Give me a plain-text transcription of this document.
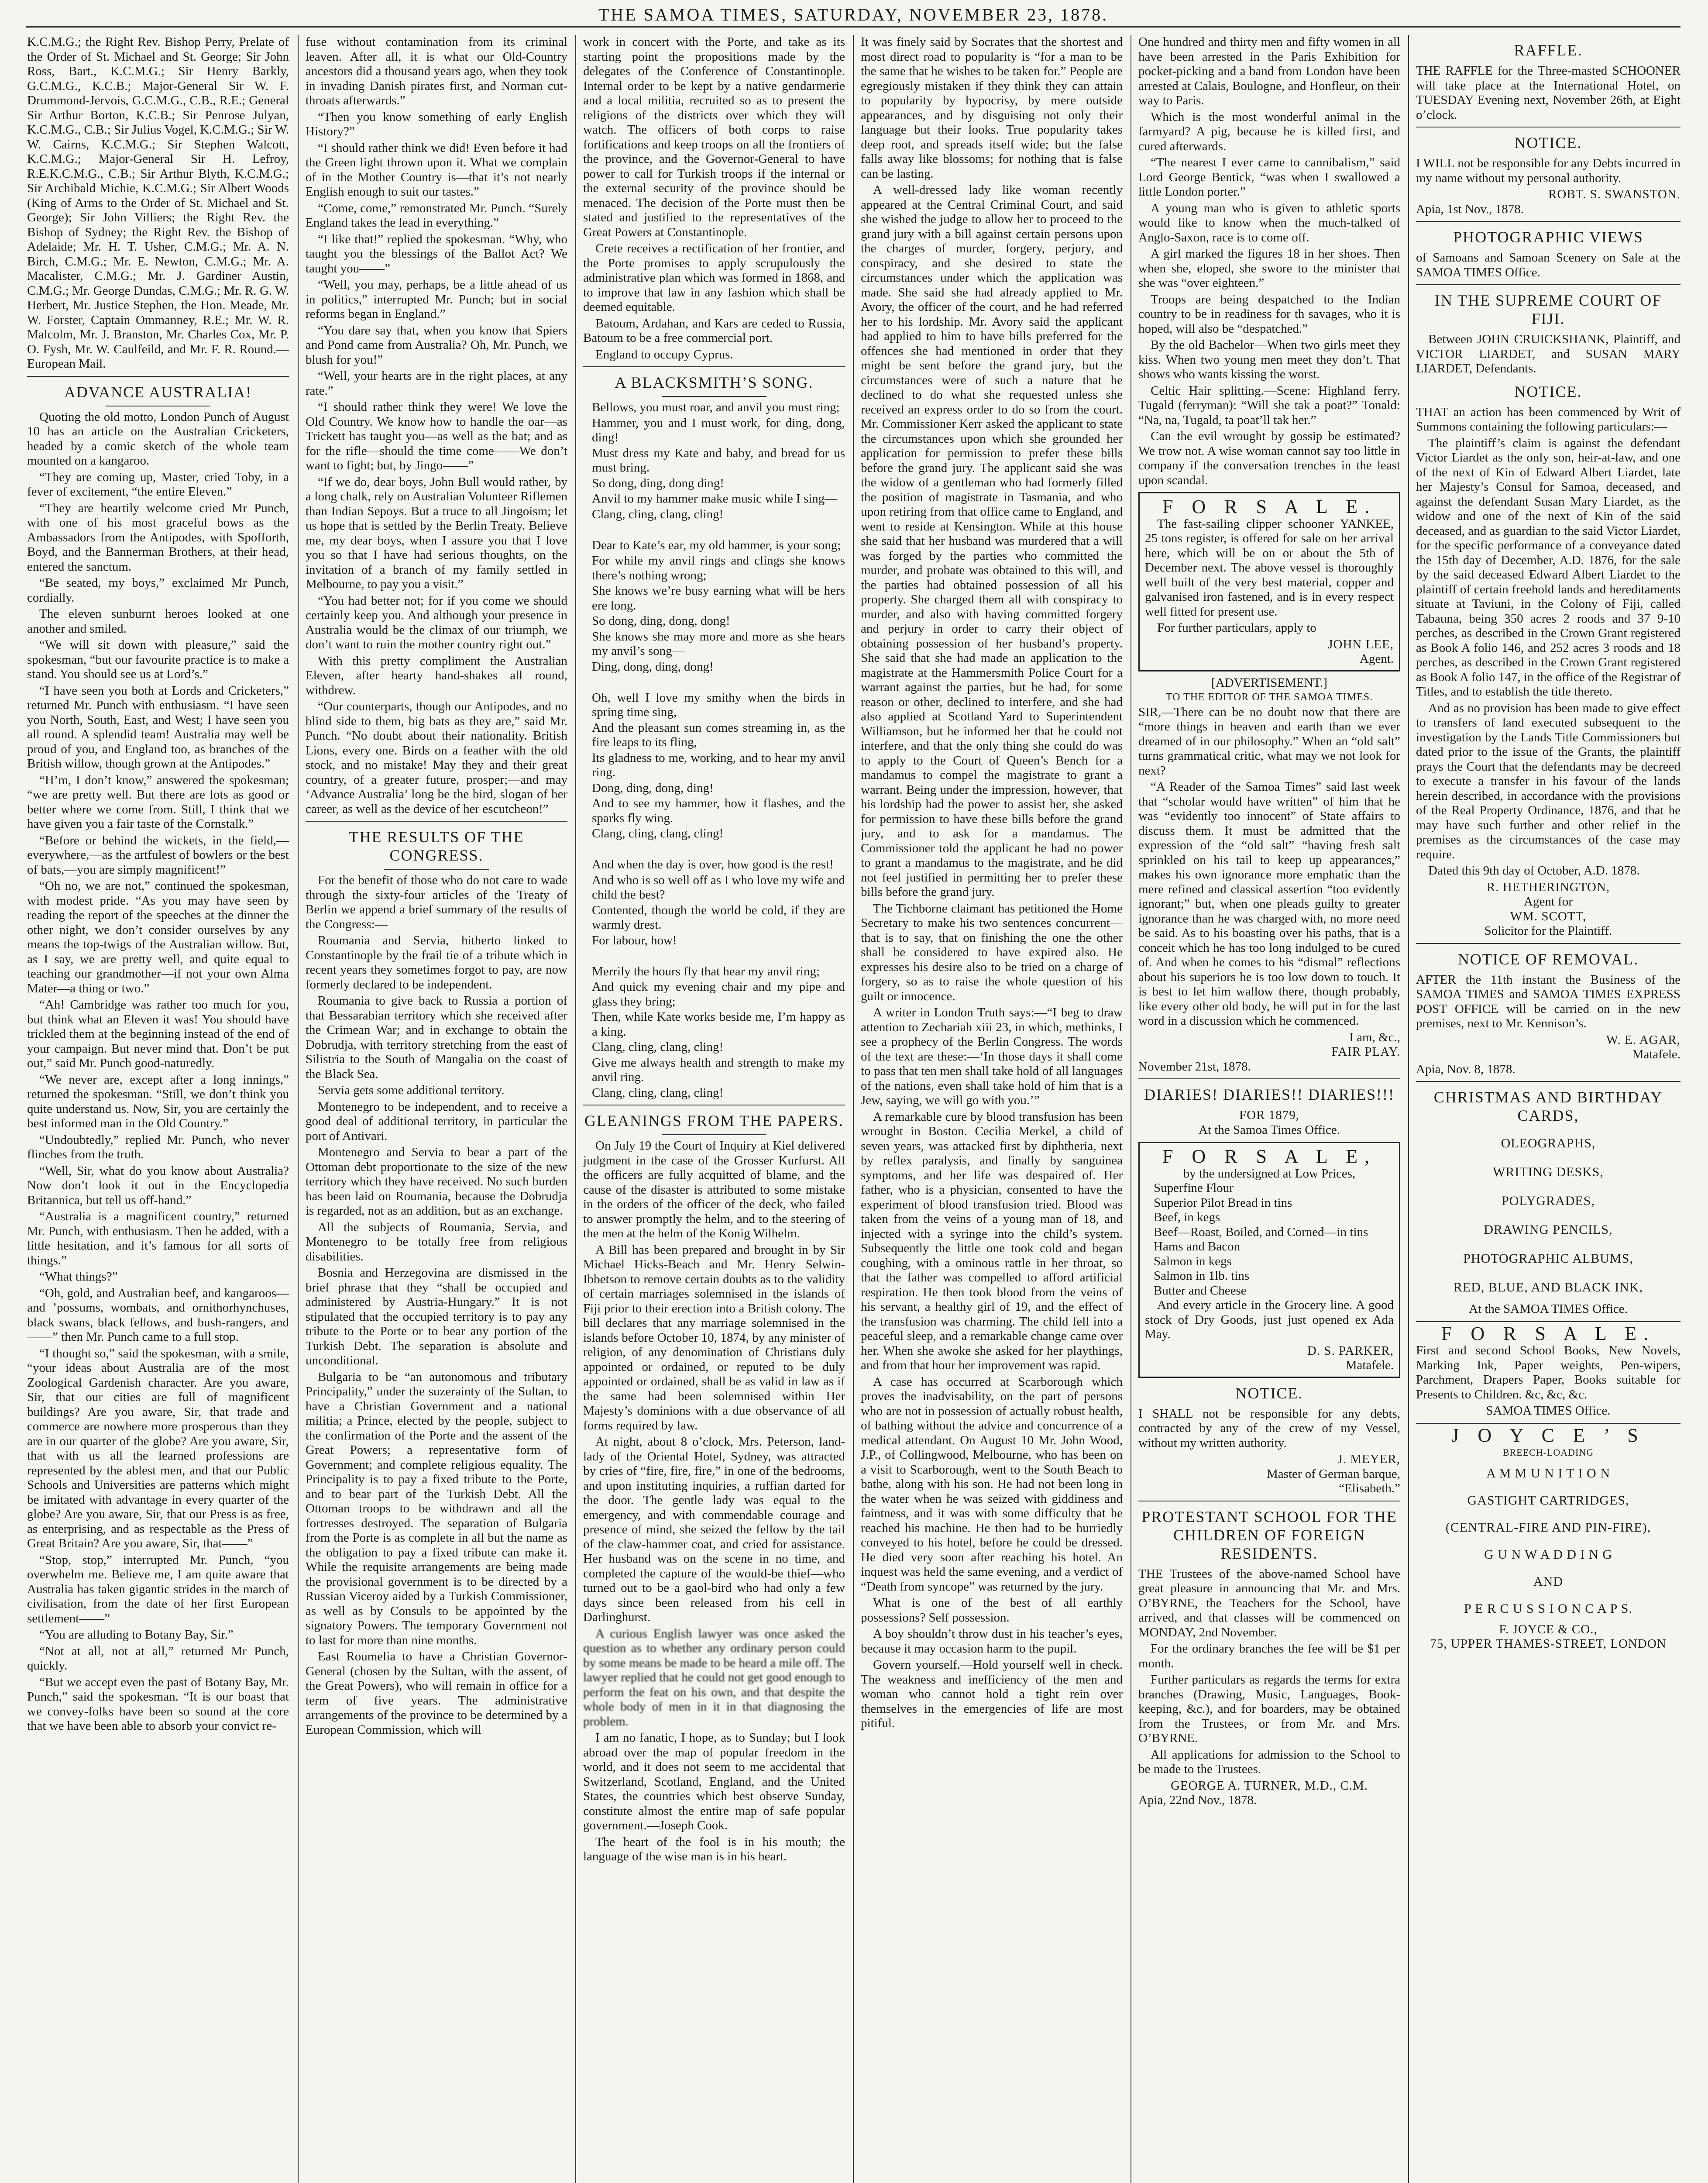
THE SAMOA TIMES, SATURDAY, NOVEMBER 23, 1878.

K.C.M.G.; the Right Rev. Bishop Perry, Prelate of the Order of St. Michael and St. George; Sir John Ross, Bart., K.C.M.G.; Sir Henry Barkly, G.C.M.G., K.C.B.; Major-General Sir W. F. Drummond-Jervois, G.C.M.G., C.B., R.E.; General Sir Arthur Borton, K.C.B.; Sir Penrose Julyan, K.C.M.G., C.B.; Sir Julius Vogel, K.C.M.G.; Sir W. W. Cairns, K.C.M.G.; Sir Stephen Walcott, K.C.M.G.; Major-General Sir H. Lefroy, R.E.K.C.M.G., C.B.; Sir Arthur Blyth, K.C.M.G.; Sir Archibald Michie, K.C.M.G.; Sir Albert Woods (King of Arms to the Order of St. Michael and St. George); Sir John Villiers; the Right Rev. the Bishop of Sydney; the Right Rev. the Bishop of Adelaide; Mr. H. T. Usher, C.M.G.; Mr. A. N. Birch, C.M.G.; Mr. E. Newton, C.M.G.; Mr. A. Macalister, C.M.G.; Mr. J. Gardiner Austin, C.M.G.; Mr. George Dundas, C.M.G.; Mr. R. G. W. Herbert, Mr. Justice Stephen, the Hon. Meade, Mr. W. Forster, Captain Ommanney, R.E.; Mr. W. R. Malcolm, Mr. J. Branston, Mr. Charles Cox, Mr. P. O. Fysh, Mr. W. Caulfeild, and Mr. F. R. Round.—European Mail.

ADVANCE AUSTRALIA!

Quoting the old motto, London Punch of August 10 has an article on the Australian Cricketers, headed by a comic sketch of the whole team mounted on a kangaroo.

“They are coming up, Master, cried Toby, in a fever of excitement, “the entire Eleven.”

“They are heartily welcome cried Mr Punch, with one of his most graceful bows as the Ambassadors from the Antipodes, with Spofforth, Boyd, and the Bannerman Brothers, at their head, entered the sanctum.

“Be seated, my boys,” exclaimed Mr Punch, cordially.

The eleven sunburnt heroes looked at one another and smiled.

“We will sit down with pleasure,” said the spokesman, “but our favourite practice is to make a stand. You should see us at Lord’s.”

“I have seen you both at Lords and Cricketers,” returned Mr. Punch with enthusiasm. “I have seen you North, South, East, and West; I have seen you all round. A splendid team! Australia may well be proud of you, and England too, as branches of the British willow, though grown at the Antipodes.”

“H’m, I don’t know,” answered the spokesman; “we are pretty well. But there are lots as good or better where we come from. Still, I think that we have given you a fair taste of the Cornstalk.”

“Before or behind the wickets, in the field,—everywhere,—as the artfulest of bowlers or the best of bats,—you are simply magnificent!”

“Oh no, we are not,” continued the spokesman, with modest pride. “As you may have seen by reading the report of the speeches at the dinner the other night, we don’t consider ourselves by any means the top-twigs of the Australian willow. But, as I say, we are pretty well, and quite equal to teaching our grandmother—if not your own Alma Mater—a thing or two.”

“Ah! Cambridge was rather too much for you, but think what an Eleven it was! You should have trickled them at the beginning instead of the end of your campaign. But never mind that. Don’t be put out,” said Mr. Punch good-naturedly.

“We never are, except after a long innings,” returned the spokesman. “Still, we don’t think you quite understand us. Now, Sir, you are certainly the best informed man in the Old Country.”

“Undoubtedly,” replied Mr. Punch, who never flinches from the truth.

“Well, Sir, what do you know about Australia? Now don’t look it out in the Encyclopedia Britannica, but tell us off-hand.”

“Australia is a magnificent country,” returned Mr. Punch, with enthusiasm. Then he added, with a little hesitation, and it’s famous for all sorts of things.”

“What things?”

“Oh, gold, and Australian beef, and kangaroos—and ’possums, wombats, and ornithorhynchuses, black swans, black fellows, and bush-rangers, and——” then Mr. Punch came to a full stop.

“I thought so,” said the spokesman, with a smile, “your ideas about Australia are of the most Zoological Gardenish character. Are you aware, Sir, that our cities are full of magnificent buildings? Are you aware, Sir, that trade and commerce are nowhere more prosperous than they are in our quarter of the globe? Are you aware, Sir, that with us all the learned professions are represented by the ablest men, and that our Public Schools and Universities are patterns which might be imitated with advantage in every quarter of the globe? Are you aware, Sir, that our Press is as free, as enterprising, and as respectable as the Press of Great Britain? Are you aware, Sir, that——”

“Stop, stop,” interrupted Mr. Punch, “you overwhelm me. Believe me, I am quite aware that Australia has taken gigantic strides in the march of civilisation, from the date of her first European settlement——”

“You are alluding to Botany Bay, Sir.”

“Not at all, not at all,” returned Mr Punch, quickly.

“But we accept even the past of Botany Bay, Mr. Punch,” said the spokesman. “It is our boast that we convey-folks have been so sound at the core that we have been able to absorb your convict re-

fuse without contamination from its criminal leaven. After all, it is what our Old-Country ancestors did a thousand years ago, when they took in invading Danish pirates first, and Norman cut-throats afterwards.”

“Then you know something of early English History?”

“I should rather think we did! Even before it had the Green light thrown upon it. What we complain of in the Mother Country is—that it’s not nearly English enough to suit our tastes.”

“Come, come,” remonstrated Mr. Punch. “Surely England takes the lead in everything.”

“I like that!” replied the spokesman. “Why, who taught you the blessings of the Ballot Act? We taught you——”

“Well, you may, perhaps, be a little ahead of us in politics,” interrupted Mr. Punch; but in social reforms began in England.”

“You dare say that, when you know that Spiers and Pond came from Australia? Oh, Mr. Punch, we blush for you!”

“Well, your hearts are in the right places, at any rate.”

“I should rather think they were! We love the Old Country. We know how to handle the oar—as Trickett has taught you—as well as the bat; and as for the rifle—should the time come——We don’t want to fight; but, by Jingo——”

“If we do, dear boys, John Bull would rather, by a long chalk, rely on Australian Volunteer Riflemen than Indian Sepoys. But a truce to all Jingoism; let us hope that is settled by the Berlin Treaty. Believe me, my dear boys, when I assure you that I love you so that I have had serious thoughts, on the invitation of a branch of my family settled in Melbourne, to pay you a visit.”

“You had better not; for if you come we should certainly keep you. And although your presence in Australia would be the climax of our triumph, we don’t want to ruin the mother country right out.”

With this pretty compliment the Australian Eleven, after hearty hand-shakes all round, withdrew.

“Our counterparts, though our Antipodes, and no blind side to them, big bats as they are,” said Mr. Punch. “No doubt about their nationality. British Lions, every one. Birds on a feather with the old stock, and no mistake! May they and their great country, of a greater future, prosper;—and may ‘Advance Australia’ long be the bird, slogan of her career, as well as the device of her escutcheon!”

THE RESULTS OF THE CONGRESS.

For the benefit of those who do not care to wade through the sixty-four articles of the Treaty of Berlin we append a brief summary of the results of the Congress:—

Roumania and Servia, hitherto linked to Constantinople by the frail tie of a tribute which in recent years they sometimes forgot to pay, are now formerly declared to be independent.

Roumania to give back to Russia a portion of that Bessarabian territory which she received after the Crimean War; and in exchange to obtain the Dobrudja, with territory stretching from the east of Silistria to the South of Mangalia on the coast of the Black Sea.

Servia gets some additional territory.

Montenegro to be independent, and to receive a good deal of additional territory, in particular the port of Antivari.

Montenegro and Servia to bear a part of the Ottoman debt proportionate to the size of the new territory which they have received. No such burden has been laid on Roumania, because the Dobrudja is regarded, not as an addition, but as an exchange.

All the subjects of Roumania, Servia, and Montenegro to be totally free from religious disabilities.

Bosnia and Herzegovina are dismissed in the brief phrase that they “shall be occupied and administered by Austria-Hungary.” It is not stipulated that the occupied territory is to pay any tribute to the Porte or to bear any portion of the Turkish Debt. The separation is absolute and unconditional.

Bulgaria to be “an autonomous and tributary Principality,” under the suzerainty of the Sultan, to have a Christian Government and a national militia; a Prince, elected by the people, subject to the confirmation of the Porte and the assent of the Great Powers; a representative form of Government; and complete religious equality. The Principality is to pay a fixed tribute to the Porte, and to bear part of the Turkish Debt. All the Ottoman troops to be withdrawn and all the fortresses destroyed. The separation of Bulgaria from the Porte is as complete in all but the name as the obligation to pay a fixed tribute can make it. While the requisite arrangements are being made the provisional government is to be directed by a Russian Viceroy aided by a Turkish Commissioner, as well as by Consuls to be appointed by the signatory Powers. The temporary Government not to last for more than nine months.

East Roumelia to have a Christian Governor-General (chosen by the Sultan, with the assent, of the Great Powers), who will remain in office for a term of five years. The administrative arrangements of the province to be determined by a European Commission, which will

work in concert with the Porte, and take as its starting point the propositions made by the delegates of the Conference of Constantinople. Internal order to be kept by a native gendarmerie and a local militia, recruited so as to present the religions of the districts over which they will watch. The officers of both corps to raise fortifications and keep troops on all the frontiers of the province, and the Governor-General to have power to call for Turkish troops if the internal or the external security of the province should be menaced. The decision of the Porte must then be stated and justified to the representatives of the Great Powers at Constantinople.

Crete receives a rectification of her frontier, and the Porte promises to apply scrupulously the administrative plan which was formed in 1868, and to improve that law in any fashion which shall be deemed equitable.

Batoum, Ardahan, and Kars are ceded to Russia, Batoum to be a free commercial port.

England to occupy Cyprus.

A BLACKSMITH’S SONG.

Bellows, you must roar, and anvil you must ring;

Hammer, you and I must work, for ding, dong, ding!

Must dress my Kate and baby, and bread for us must bring.

So dong, ding, dong ding!

Anvil to my hammer make music while I sing—

Clang, cling, clang, cling!

Dear to Kate’s ear, my old hammer, is your song;

For while my anvil rings and clings she knows there’s nothing wrong;

She knows we’re busy earning what will be hers ere long.

So dong, ding, dong, dong!

She knows she may more and more as she hears my anvil’s song—

Ding, dong, ding, dong!

Oh, well I love my smithy when the birds in spring time sing,

And the pleasant sun comes streaming in, as the fire leaps to its fling,

Its gladness to me, working, and to hear my anvil ring.

Dong, ding, dong, ding!

And to see my hammer, how it flashes, and the sparks fly wing.

Clang, cling, clang, cling!

And when the day is over, how good is the rest!

And who is so well off as I who love my wife and child the best?

Contented, though the world be cold, if they are warmly drest.

For labour, how!

Merrily the hours fly that hear my anvil ring;

And quick my evening chair and my pipe and glass they bring;

Then, while Kate works beside me, I’m happy as a king.

Clang, cling, clang, cling!

Give me always health and strength to make my anvil ring.

Clang, cling, clang, cling!

GLEANINGS FROM THE PAPERS.

On July 19 the Court of Inquiry at Kiel delivered judgment in the case of the Grosser Kurfurst. All the officers are fully acquitted of blame, and the cause of the disaster is attributed to some mistake in the orders of the officer of the deck, who failed to answer promptly the helm, and to the steering of the men at the helm of the Konig Wilhelm.

A Bill has been prepared and brought in by Sir Michael Hicks-Beach and Mr. Henry Selwin-Ibbetson to remove certain doubts as to the validity of certain marriages solemnised in the islands of Fiji prior to their erection into a British colony. The bill declares that any marriage solemnised in the islands before October 10, 1874, by any minister of religion, of any denomination of Christians duly appointed or ordained, or reputed to be duly appointed or ordained, shall be as valid in law as if the same had been solemnised within Her Majesty’s dominions with a due observance of all forms required by law.

At night, about 8 o’clock, Mrs. Peterson, land-lady of the Oriental Hotel, Sydney, was attracted by cries of “fire, fire, fire,” in one of the bedrooms, and upon instituting inquiries, a ruffian darted for the door. The gentle lady was equal to the emergency, and with commendable courage and presence of mind, she seized the fellow by the tail of the claw-hammer coat, and cried for assistance. Her husband was on the scene in no time, and completed the capture of the would-be thief—who turned out to be a gaol-bird who had only a few days since been released from his cell in Darlinghurst.

A curious English lawyer was once asked the question as to whether any ordinary person could by some means be made to be heard a mile off. The lawyer replied that he could not get good enough to perform the feat on his own, and that despite the whole body of men in it in that diagnosing the problem.

I am no fanatic, I hope, as to Sunday; but I look abroad over the map of popular freedom in the world, and it does not seem to me accidental that Switzerland, Scotland, England, and the United States, the countries which best observe Sunday, constitute almost the entire map of safe popular government.—Joseph Cook.

The heart of the fool is in his mouth; the language of the wise man is in his heart.

It was finely said by Socrates that the shortest and most direct road to popularity is “for a man to be the same that he wishes to be taken for.” People are egregiously mistaken if they think they can attain to popularity by hypocrisy, by mere outside appearances, and by disguising not only their language but their looks. True popularity takes deep root, and spreads itself wide; but the false falls away like blossoms; for nothing that is false can be lasting.

A well-dressed lady like woman recently appeared at the Central Criminal Court, and said she wished the judge to allow her to proceed to the grand jury with a bill against certain persons upon the charges of murder, forgery, perjury, and conspiracy, and she desired to state the circumstances under which the application was made. She said she had already applied to Mr. Avory, the officer of the court, and he had referred her to his lordship. Mr. Avory said the applicant had applied to him to have bills preferred for the offences she had mentioned in order that they might be sent before the grand jury, but the circumstances were of such a nature that he declined to do what she requested unless she received an express order to do so from the court. Mr. Commissioner Kerr asked the applicant to state the circumstances upon which she grounded her application for permission to prefer these bills before the grand jury. The applicant said she was the widow of a gentleman who had formerly filled the position of magistrate in Tasmania, and who upon retiring from that office came to England, and went to reside at Kensington. While at this house she said that her husband was murdered that a will was forged by the parties who committed the murder, and probate was obtained to this will, and the parties had obtained possession of all his property. She charged them all with conspiracy to murder, and also with having committed forgery and perjury in order to carry their object of obtaining possession of her husband’s property. She said that she had made an application to the magistrate at the Hammersmith Police Court for a warrant against the parties, but he had, for some reason or other, declined to interfere, and she had also applied at Scotland Yard to Superintendent Williamson, but he informed her that he could not interfere, and that the only thing she could do was to apply to the Court of Queen’s Bench for a mandamus to compel the magistrate to grant a warrant. Being under the impression, however, that his lordship had the power to assist her, she asked for permission to have these bills before the grand jury, and to ask for a mandamus. The Commissioner told the applicant he had no power to grant a mandamus to the magistrate, and he did not feel justified in permitting her to prefer these bills before the grand jury.

The Tichborne claimant has petitioned the Home Secretary to make his two sentences concurrent—that is to say, that on finishing the one the other shall be considered to have expired also. He expresses his desire also to be tried on a charge of forgery, so as to raise the whole question of his guilt or innocence.

A writer in London Truth says:—“I beg to draw attention to Zechariah xiii 23, in which, methinks, I see a prophecy of the Berlin Congress. The words of the text are these:—‘In those days it shall come to pass that ten men shall take hold of all languages of the nations, even shall take hold of him that is a Jew, saying, we will go with you.’”

A remarkable cure by blood transfusion has been wrought in Boston. Cecilia Merkel, a child of seven years, was attacked first by diphtheria, next by reflex paralysis, and finally by sanguinea symptoms, and her life was despaired of. Her father, who is a physician, consented to have the experiment of blood transfusion tried. Blood was taken from the veins of a young man of 18, and injected with a syringe into the child’s system. Subsequently the little one took cold and began coughing, with a ominous rattle in her throat, so that the father was compelled to afford artificial respiration. He then took blood from the veins of his servant, a healthy girl of 19, and the effect of the transfusion was charming. The child fell into a peaceful sleep, and a remarkable change came over her. When she awoke she asked for her playthings, and from that hour her improvement was rapid.

A case has occurred at Scarborough which proves the inadvisability, on the part of persons who are not in possession of actually robust health, of bathing without the advice and concurrence of a medical attendant. On August 10 Mr. John Wood, J.P., of Collingwood, Melbourne, who has been on a visit to Scarborough, went to the South Beach to bathe, along with his son. He had not been long in the water when he was seized with giddiness and faintness, and it was with some difficulty that he reached his machine. He then had to be hurriedly conveyed to his hotel, before he could be dressed. He died very soon after reaching his hotel. An inquest was held the same evening, and a verdict of “Death from syncope” was returned by the jury.

What is one of the best of all earthly possessions? Self possession.

A boy shouldn’t throw dust in his teacher’s eyes, because it may occasion harm to the pupil.

Govern yourself.—Hold yourself well in check. The weakness and inefficiency of the men and woman who cannot hold a tight rein over themselves in the emergencies of life are most pitiful.

One hundred and thirty men and fifty women in all have been arrested in the Paris Exhibition for pocket-picking and a band from London have been arrested at Calais, Boulogne, and Honfleur, on their way to Paris.

Which is the most wonderful animal in the farmyard? A pig, because he is killed first, and cured afterwards.

“The nearest I ever came to cannibalism,” said Lord George Bentick, “was when I swallowed a little London porter.”

A young man who is given to athletic sports would like to know when the much-talked of Anglo-Saxon, race is to come off.

A girl marked the figures 18 in her shoes. Then when she, eloped, she swore to the minister that she was “over eighteen.”

Troops are being despatched to the Indian country to be in readiness for th savages, who it is hoped, will also be “despatched.”

By the old Bachelor—When two girls meet they kiss. When two young men meet they don’t. That shows who wants kissing the worst.

Celtic Hair splitting.—Scene: Highland ferry. Tugald (ferryman): “Will she tak a poat?” Tonald: “Na, na, Tugald, ta poat’ll tak her.”

Can the evil wrought by gossip be estimated? We trow not. A wise woman cannot say too little in company if the conversation trenches in the least upon scandal.

F O R S A L E.

The fast-sailing clipper schooner YANKEE, 25 tons register, is offered for sale on her arrival here, which will be on or about the 5th of December next. The above vessel is thoroughly well built of the very best material, copper and galvanised iron fastened, and is in every respect well fitted for present use.

For further particulars, apply to

JOHN LEE,
Agent.
[ADVERTISEMENT.]
TO THE EDITOR OF THE SAMOA TIMES.

SIR,—There can be no doubt now that there are “more things in heaven and earth than we ever dreamed of in our philosophy.” When an “old salt” turns grammatical critic, what may we not look for next?

“A Reader of the Samoa Times” said last week that “scholar would have written” of him that he was “evidently too innocent” of State affairs to discuss them. It must be admitted that the expression of the “old salt” “having fresh salt sprinkled on his tail to keep up appearances,” makes his own ignorance more emphatic than the mere refined and classical assertion “too evidently ignorant;” but, when one pleads guilty to greater ignorance than he was charged with, no more need be said. As to his boasting over his paths, that is a conceit which he has too long indulged to be cured of. And when he comes to his “dismal” reflections about his superiors he is too low down to touch. It is best to let him wallow there, though probably, like every other old body, he will put in for the last word in a discussion which he commenced.

I am, &c.,
FAIR PLAY.
November 21st, 1878.
DIARIES! DIARIES!! DIARIES!!!
FOR 1879,
At the Samoa Times Office.
F O R S A L E,
by the undersigned at Low Prices,
Superfine Flour
Superior Pilot Bread in tins
Beef, in kegs
Beef—Roast, Boiled, and Corned—in tins
Hams and Bacon
Salmon in kegs
Salmon in 1lb. tins
Butter and Cheese

And every article in the Grocery line. A good stock of Dry Goods, just just opened ex Ada May.

D. S. PARKER,
Matafele.
NOTICE.

I SHALL not be responsible for any debts, contracted by any of the crew of my Vessel, without my written authority.

J. MEYER,
Master of German barque,
“Elisabeth.”
PROTESTANT SCHOOL FOR THE CHILDREN OF FOREIGN RESIDENTS.

THE Trustees of the above-named School have great pleasure in announcing that Mr. and Mrs. O’BYRNE, the Teachers for the School, have arrived, and that classes will be commenced on MONDAY, 2nd November.

For the ordinary branches the fee will be $1 per month.

Further particulars as regards the terms for extra branches (Drawing, Music, Languages, Book-keeping, &c.), and for boarders, may be obtained from the Trustees, or from Mr. and Mrs. O’BYRNE.

All applications for admission to the School to be made to the Trustees.

GEORGE A. TURNER, M.D., C.M.
Apia, 22nd Nov., 1878.
RAFFLE.

THE RAFFLE for the Three-masted SCHOONER will take place at the International Hotel, on TUESDAY Evening next, November 26th, at Eight o’clock.

NOTICE.

I WILL not be responsible for any Debts incurred in my name without my personal authority.

ROBT. S. SWANSTON.
Apia, 1st Nov., 1878.
PHOTOGRAPHIC VIEWS

of Samoans and Samoan Scenery on Sale at the SAMOA TIMES Office.

IN THE SUPREME COURT OF FIJI.

Between JOHN CRUICKSHANK, Plaintiff, and VICTOR LIARDET, and SUSAN MARY LIARDET, Defendants.

NOTICE.

THAT an action has been commenced by Writ of Summons containing the following particulars:—

The plaintiff’s claim is against the defendant Victor Liardet as the only son, heir-at-law, and one of the next of Kin of Edward Albert Liardet, late her Majesty’s Consul for Samoa, deceased, and against the defendant Susan Mary Liardet, as the widow and one of the next of Kin of the said deceased, and as guardian to the said Victor Liardet, for the specific performance of a conveyance dated the 15th day of December, A.D. 1876, for the sale by the said deceased Edward Albert Liardet to the plaintiff of certain freehold lands and hereditaments situate at Taviuni, in the Colony of Fiji, called Tabauna, being 350 acres 2 roods and 37 9-10 perches, as described in the Crown Grant registered as Book A folio 146, and 252 acres 3 roods and 18 perches, as described in the Crown Grant registered as Book A folio 147, in the office of the Registrar of Titles, and to establish the title thereto.

And as no provision has been made to give effect to transfers of land executed subsequent to the investigation by the Lands Title Commissioners but dated prior to the issue of the Grants, the plaintiff prays the Court that the defendants may be decreed to execute a transfer in his favour of the lands herein described, in accordance with the provisions of the Real Property Ordinance, 1876, and that he may have such further and other relief in the premises as the circumstances of the case may require.

Dated this 9th day of October, A.D. 1878.

R. HETHERINGTON,
Agent for
WM. SCOTT,
Solicitor for the Plaintiff.
NOTICE OF REMOVAL.

AFTER the 11th instant the Business of the SAMOA TIMES and SAMOA TIMES EXPRESS POST OFFICE will be carried on in the new premises, next to Mr. Kennison’s.

W. E. AGAR,
Matafele.
Apia, Nov. 8, 1878.
CHRISTMAS AND BIRTHDAY CARDS,
OLEOGRAPHS,
WRITING DESKS,
POLYGRADES,
DRAWING PENCILS,
PHOTOGRAPHIC ALBUMS,
RED, BLUE, AND BLACK INK,
At the SAMOA TIMES Office.
F O R S A L E.

First and second School Books, New Novels, Marking Ink, Paper weights, Pen-wipers, Parchment, Drapers Paper, Books suitable for Presents to Children. &c, &c, &c.

SAMOA TIMES Office.
J O Y C E ’ S
BREECH-LOADING
A M M U N I T I O N
GASTIGHT CARTRIDGES,
(CENTRAL-FIRE AND PIN-FIRE),
G U N W A D D I N G
AND
P E R C U S S I O N C A P S.
F. JOYCE & CO.,
75, UPPER THAMES-STREET, LONDON
